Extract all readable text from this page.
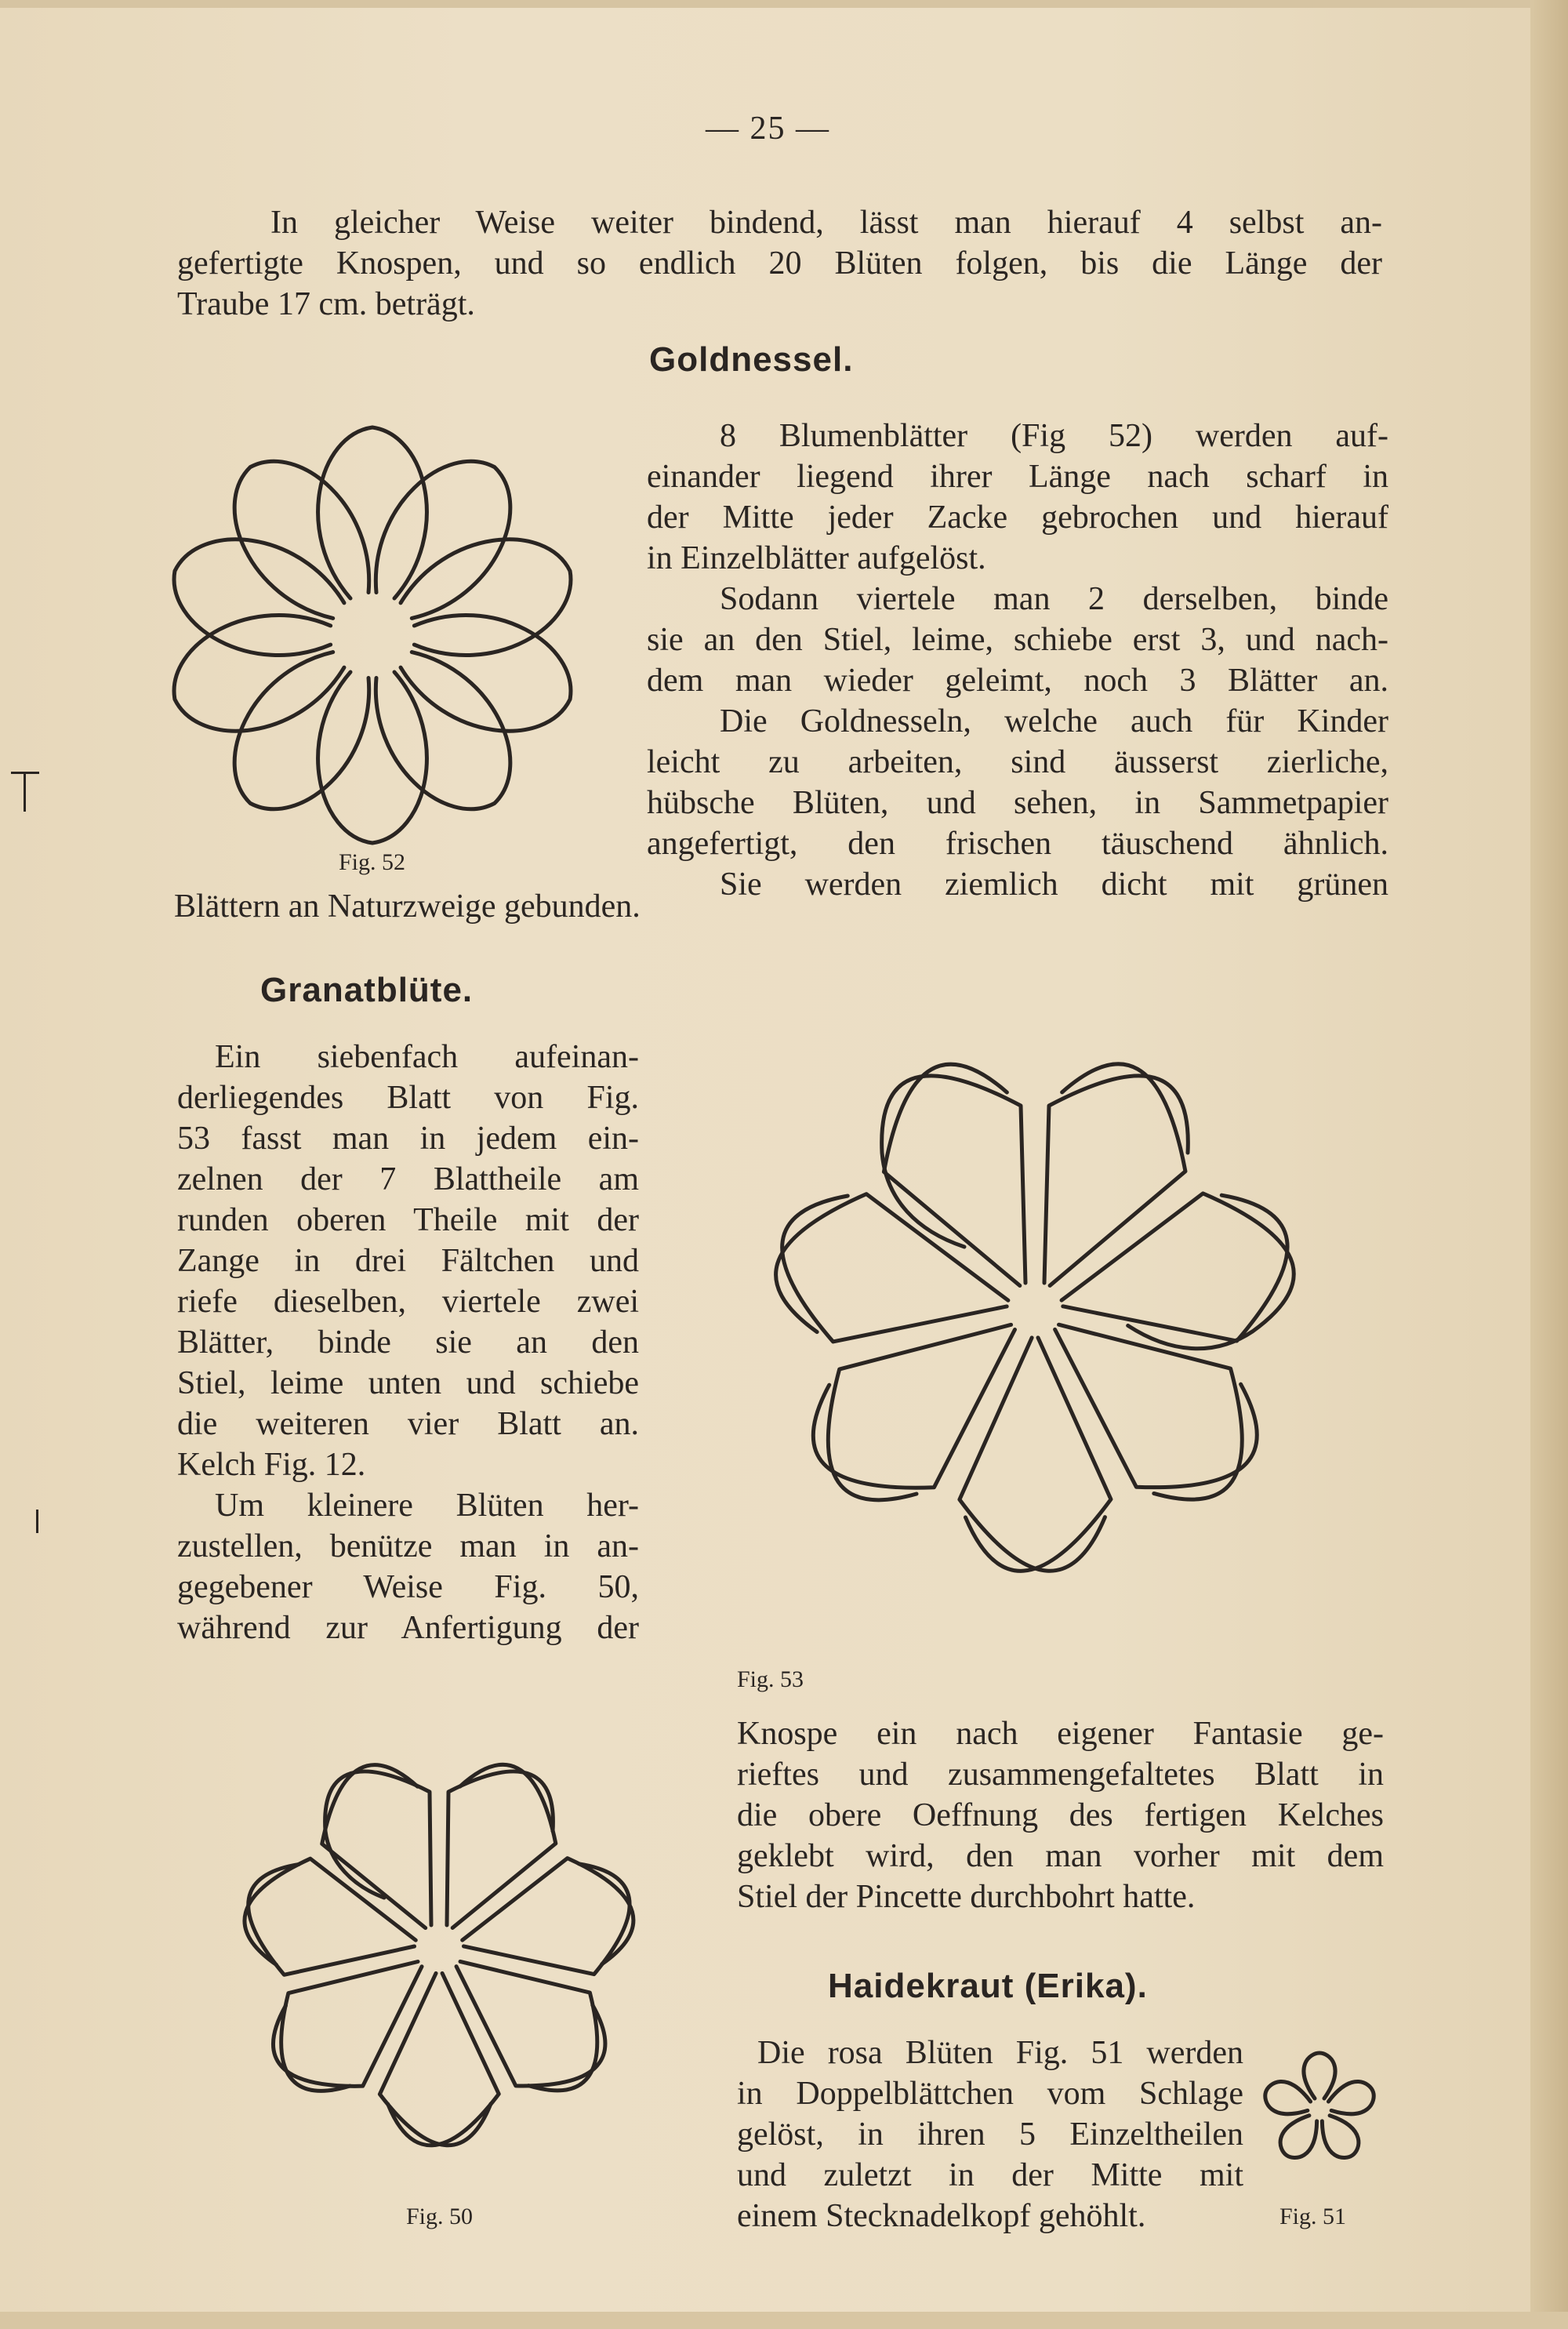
— 25 —
In gleicher Weise weiter bindend, lässt man hierauf 4 selbst an-
gefertigte Knospen, und so endlich 20 Blüten folgen, bis die Länge der
Traube 17 cm. beträgt.
Goldnessel.
Fig. 52
8 Blumenblätter (Fig 52) werden auf-
einander liegend ihrer Länge nach scharf in
der Mitte jeder Zacke gebrochen und hierauf
in Einzelblätter aufgelöst.
Sodann viertele man 2 derselben, binde
sie an den Stiel, leime, schiebe erst 3, und nach-
dem man wieder geleimt, noch 3 Blätter an.
Die Goldnesseln, welche auch für Kinder
leicht zu arbeiten, sind äusserst zierliche,
hübsche Blüten, und sehen, in Sammetpapier
angefertigt, den frischen täuschend ähnlich.
Sie werden ziemlich dicht mit grünen
Blättern an Naturzweige gebunden.
Granatblüte.
Ein siebenfach aufeinan-
derliegendes Blatt von Fig.
53 fasst man in jedem ein-
zelnen der 7 Blattheile am
runden oberen Theile mit der
Zange in drei Fältchen und
riefe dieselben, viertele zwei
Blätter, binde sie an den
Stiel, leime unten und schiebe
die weiteren vier Blatt an.
Kelch Fig. 12.
Um kleinere Blüten her-
zustellen, benütze man in an-
gegebener Weise Fig. 50,
während zur Anfertigung der
Fig. 53
Knospe ein nach eigener Fantasie ge-
rieftes und zusammengefaltetes Blatt in
die obere Oeffnung des fertigen Kelches
geklebt wird, den man vorher mit dem
Stiel der Pincette durchbohrt hatte.
Fig. 50
Haidekraut (Erika).
Die rosa Blüten Fig. 51 werden
in Doppelblättchen vom Schlage
gelöst, in ihren 5 Einzeltheilen
und zuletzt in der Mitte mit
einem Stecknadelkopf gehöhlt.	Fig. 51
